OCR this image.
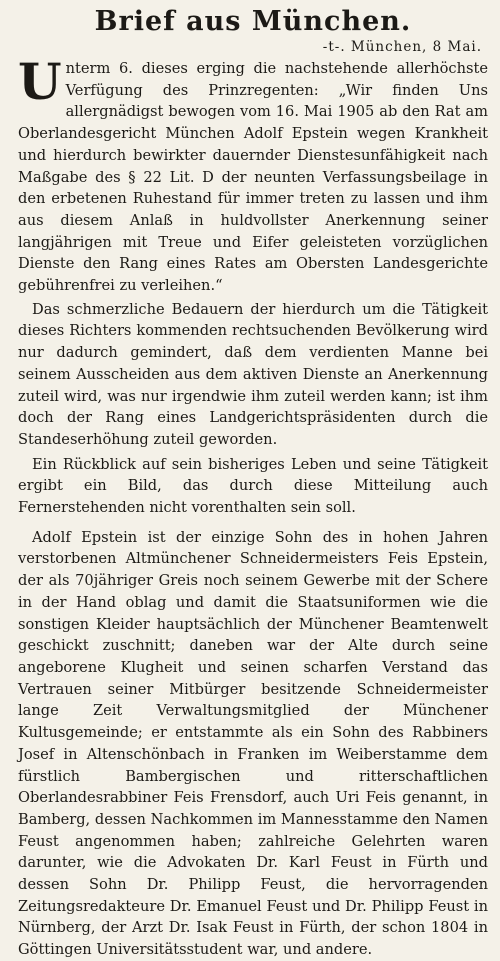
Brief aus München.
-t-. München, 8 Mai.

Unterm 6. dieses erging die nachstehende allerhöchste Verfügung des Prinzregenten: „Wir finden Uns allergnädigst bewogen vom 16. Mai 1905 ab den Rat am Oberlandesgericht München Adolf Epstein wegen Krankheit und hierdurch bewirkter dauernder Dienstesunfähigkeit nach Maßgabe des § 22 Lit. D der neunten Verfassungsbeilage in den erbetenen Ruhestand für immer treten zu lassen und ihm aus diesem Anlaß in huldvollster Anerkennung seiner langjährigen mit Treue und Eifer geleisteten vorzüglichen Dienste den Rang eines Rates am Obersten Landesgerichte gebührenfrei zu verleihen.“

Das schmerzliche Bedauern der hierdurch um die Tätigkeit dieses Richters kommenden rechtsuchenden Bevölkerung wird nur dadurch gemindert, daß dem verdienten Manne bei seinem Ausscheiden aus dem aktiven Dienste an Anerkennung zuteil wird, was nur irgendwie ihm zuteil werden kann; ist ihm doch der Rang eines Landgerichtspräsidenten durch die Standeserhöhung zuteil geworden.

Ein Rückblick auf sein bisheriges Leben und seine Tätigkeit ergibt ein Bild, das durch diese Mitteilung auch Fernerstehenden nicht vorenthalten sein soll.

Adolf Epstein ist der einzige Sohn des in hohen Jahren verstorbenen Altmünchener Schneidermeisters Feis Epstein, der als 70jähriger Greis noch seinem Gewerbe mit der Schere in der Hand oblag und damit die Staatsuniformen wie die sonstigen Kleider hauptsächlich der Münchener Beamtenwelt geschickt zuschnitt; daneben war der Alte durch seine angeborene Klugheit und seinen scharfen Verstand das Vertrauen seiner Mitbürger besitzende Schneidermeister lange Zeit Verwaltungsmitglied der Münchener Kultusgemeinde; er entstammte als ein Sohn des Rabbiners Josef in Altenschönbach in Franken im Weiberstamme dem fürstlich Bambergischen und ritterschaftlichen Oberlandesrabbiner Feis Frensdorf, auch Uri Feis genannt, in Bamberg, dessen Nachkommen im Mannesstamme den Namen Feust angenommen haben; zahlreiche Gelehrten waren darunter, wie die Advokaten Dr. Karl Feust in Fürth und dessen Sohn Dr. Philipp Feust, die hervorragenden Zeitungsredakteure Dr. Emanuel Feust und Dr. Philipp Feust in Nürnberg, der Arzt Dr. Isak Feust in Fürth, der schon 1804 in Göttingen Universitätsstudent war, und andere.
